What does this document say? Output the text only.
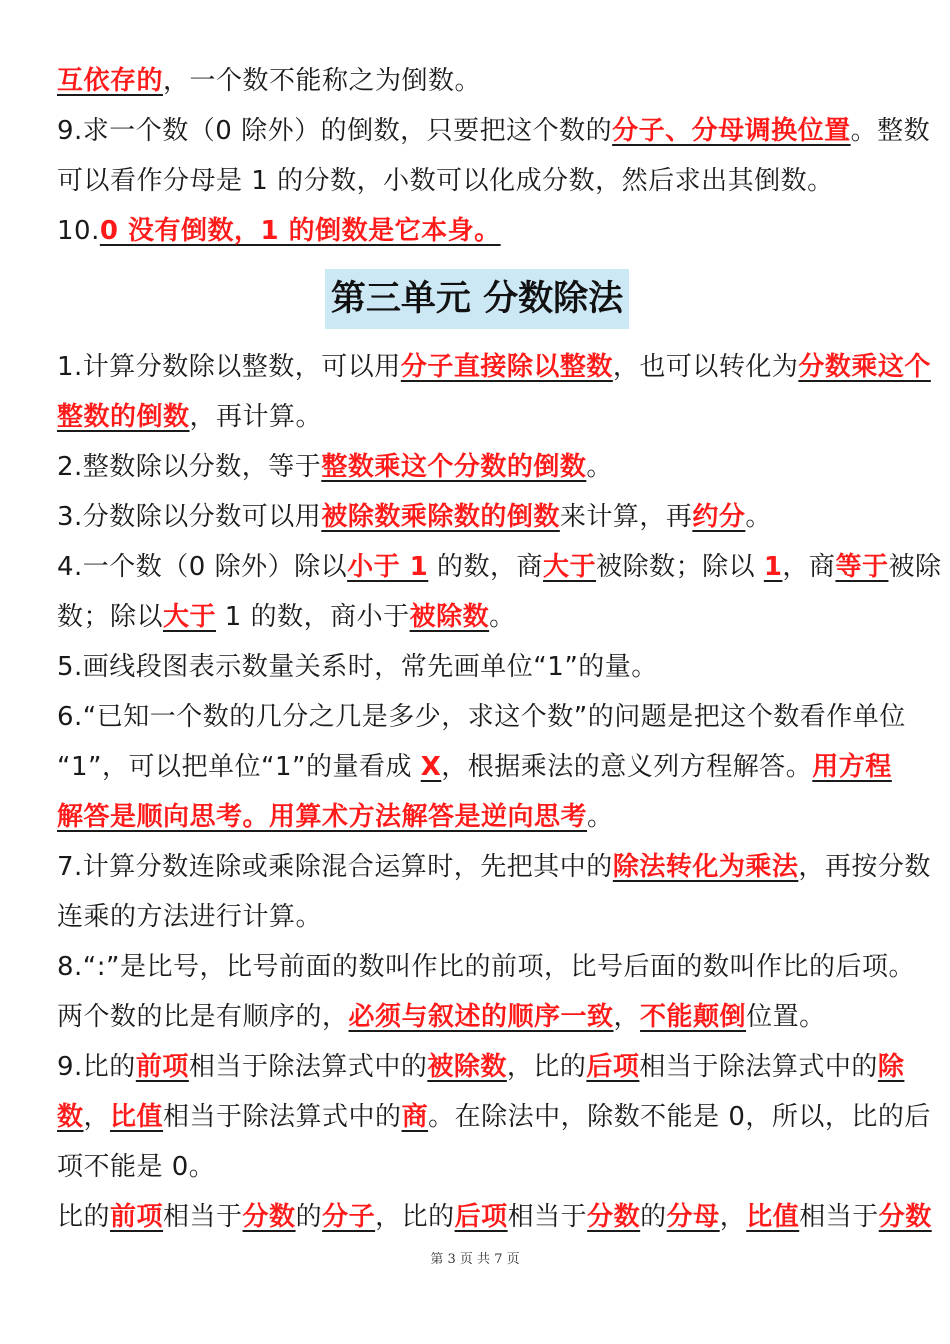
互依存的，一个数不能称之为倒数。
9.求一个数（0 除外）的倒数，只要把这个数的分子、分母调换位置。整数
可以看作分母是 1 的分数，小数可以化成分数，然后求出其倒数。
10.0 没有倒数，1 的倒数是它本身。
第三单元 分数除法
1.计算分数除以整数，可以用分子直接除以整数，也可以转化为分数乘这个
整数的倒数，再计算。
2.整数除以分数，等于整数乘这个分数的倒数。
3.分数除以分数可以用被除数乘除数的倒数来计算，再约分。
4.一个数（0 除外）除以小于 1 的数，商大于被除数；除以 1，商等于被除
数；除以大于 1 的数，商小于被除数。
5.画线段图表示数量关系时，常先画单位“1”的量。
6.“已知一个数的几分之几是多少，求这个数”的问题是把这个数看作单位
“1”，可以把单位“1”的量看成 X，根据乘法的意义列方程解答。用方程
解答是顺向思考。用算术方法解答是逆向思考。
7.计算分数连除或乘除混合运算时，先把其中的除法转化为乘法，再按分数
连乘的方法进行计算。
8.“:”是比号，比号前面的数叫作比的前项，比号后面的数叫作比的后项。
两个数的比是有顺序的，必须与叙述的顺序一致，不能颠倒位置。
9.比的前项相当于除法算式中的被除数，比的后项相当于除法算式中的除
数，比值相当于除法算式中的商。在除法中，除数不能是 0，所以，比的后
项不能是 0。
比的前项相当于分数的分子，比的后项相当于分数的分母，比值相当于分数
第 3 页 共 7 页
